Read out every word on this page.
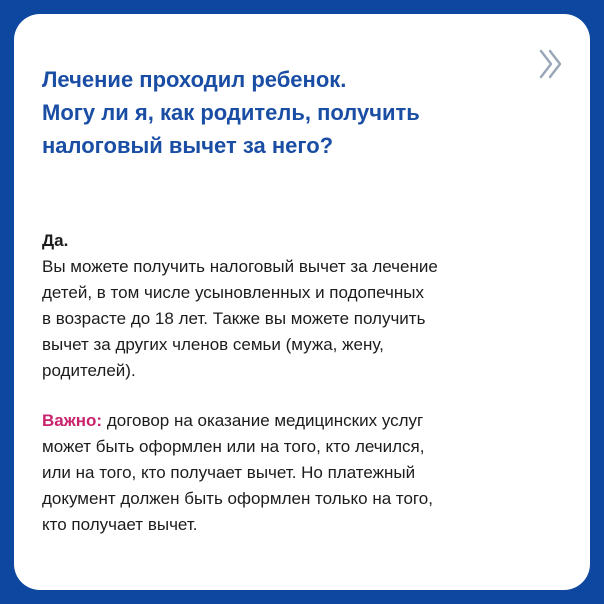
Лечение проходил ребенок.
Могу ли я, как родитель, получить
налоговый вычет за него?
Да.
Вы можете получить налоговый вычет за лечение
детей, в том числе усыновленных и подопечных
в возрасте до 18 лет. Также вы можете получить
вычет за других членов семьи (мужа, жену,
родителей).
Важно: договор на оказание медицинских услуг
может быть оформлен или на того, кто лечился,
или на того, кто получает вычет. Но платежный
документ должен быть оформлен только на того,
кто получает вычет.
